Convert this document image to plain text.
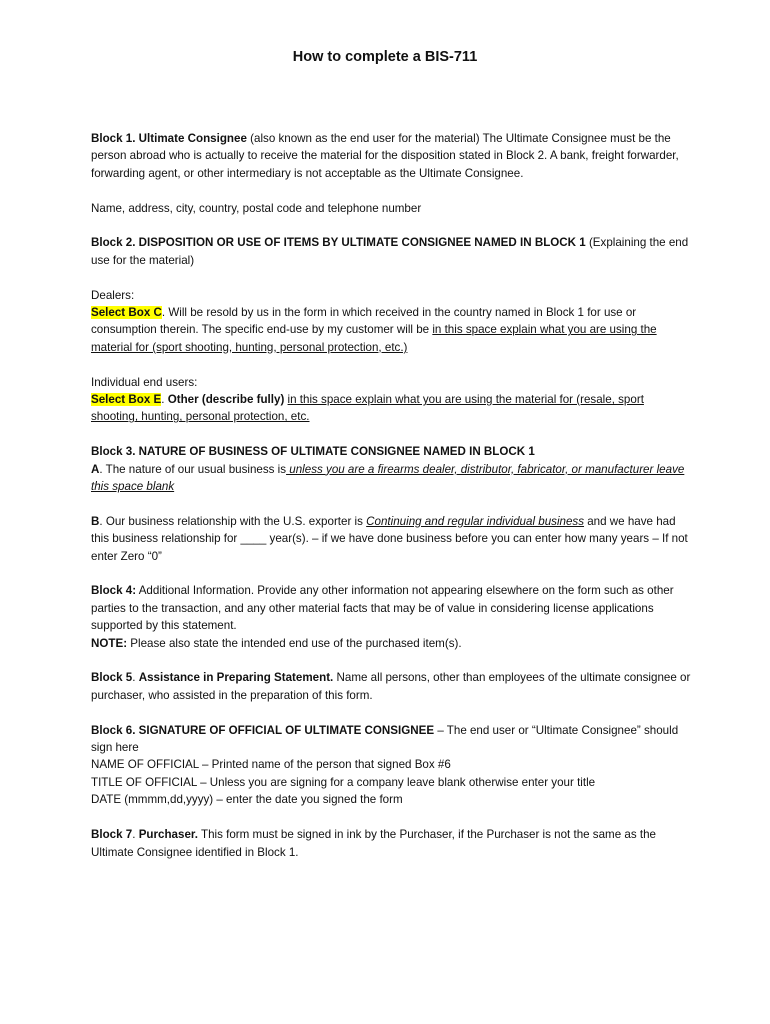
How to complete a BIS-711

Block 1. Ultimate Consignee (also known as the end user for the material) The Ultimate Consignee must be the person abroad who is actually to receive the material for the disposition stated in Block 2. A bank, freight forwarder, forwarding agent, or other intermediary is not acceptable as the Ultimate Consignee.

Name, address, city, country, postal code and telephone number

Block 2. DISPOSITION OR USE OF ITEMS BY ULTIMATE CONSIGNEE NAMED IN BLOCK 1 (Explaining the end use for the material)

Dealers:
Select Box C. Will be resold by us in the form in which received in the country named in Block 1 for use or consumption therein. The specific end-use by my customer will be in this space explain what you are using the material for (sport shooting, hunting, personal protection, etc.)

Individual end users:
Select Box E. Other (describe fully) in this space explain what you are using the material for (resale, sport shooting, hunting, personal protection, etc.

Block 3. NATURE OF BUSINESS OF ULTIMATE CONSIGNEE NAMED IN BLOCK 1
A. The nature of our usual business is unless you are a firearms dealer, distributor, fabricator, or manufacturer leave this space blank

B. Our business relationship with the U.S. exporter is Continuing and regular individual business and we have had this business relationship for ____ year(s). – if we have done business before you can enter how many years – If not enter Zero “0”

Block 4: Additional Information. Provide any other information not appearing elsewhere on the form such as other parties to the transaction, and any other material facts that may be of value in considering license applications supported by this statement.
NOTE: Please also state the intended end use of the purchased item(s).

Block 5. Assistance in Preparing Statement. Name all persons, other than employees of the ultimate consignee or purchaser, who assisted in the preparation of this form.

Block 6. SIGNATURE OF OFFICIAL OF ULTIMATE CONSIGNEE – The end user or “Ultimate Consignee” should sign here
NAME OF OFFICIAL – Printed name of the person that signed Box #6
TITLE OF OFFICIAL – Unless you are signing for a company leave blank otherwise enter your title
DATE (mmmm,dd,yyyy) – enter the date you signed the form

Block 7. Purchaser. This form must be signed in ink by the Purchaser, if the Purchaser is not the same as the Ultimate Consignee identified in Block 1.
